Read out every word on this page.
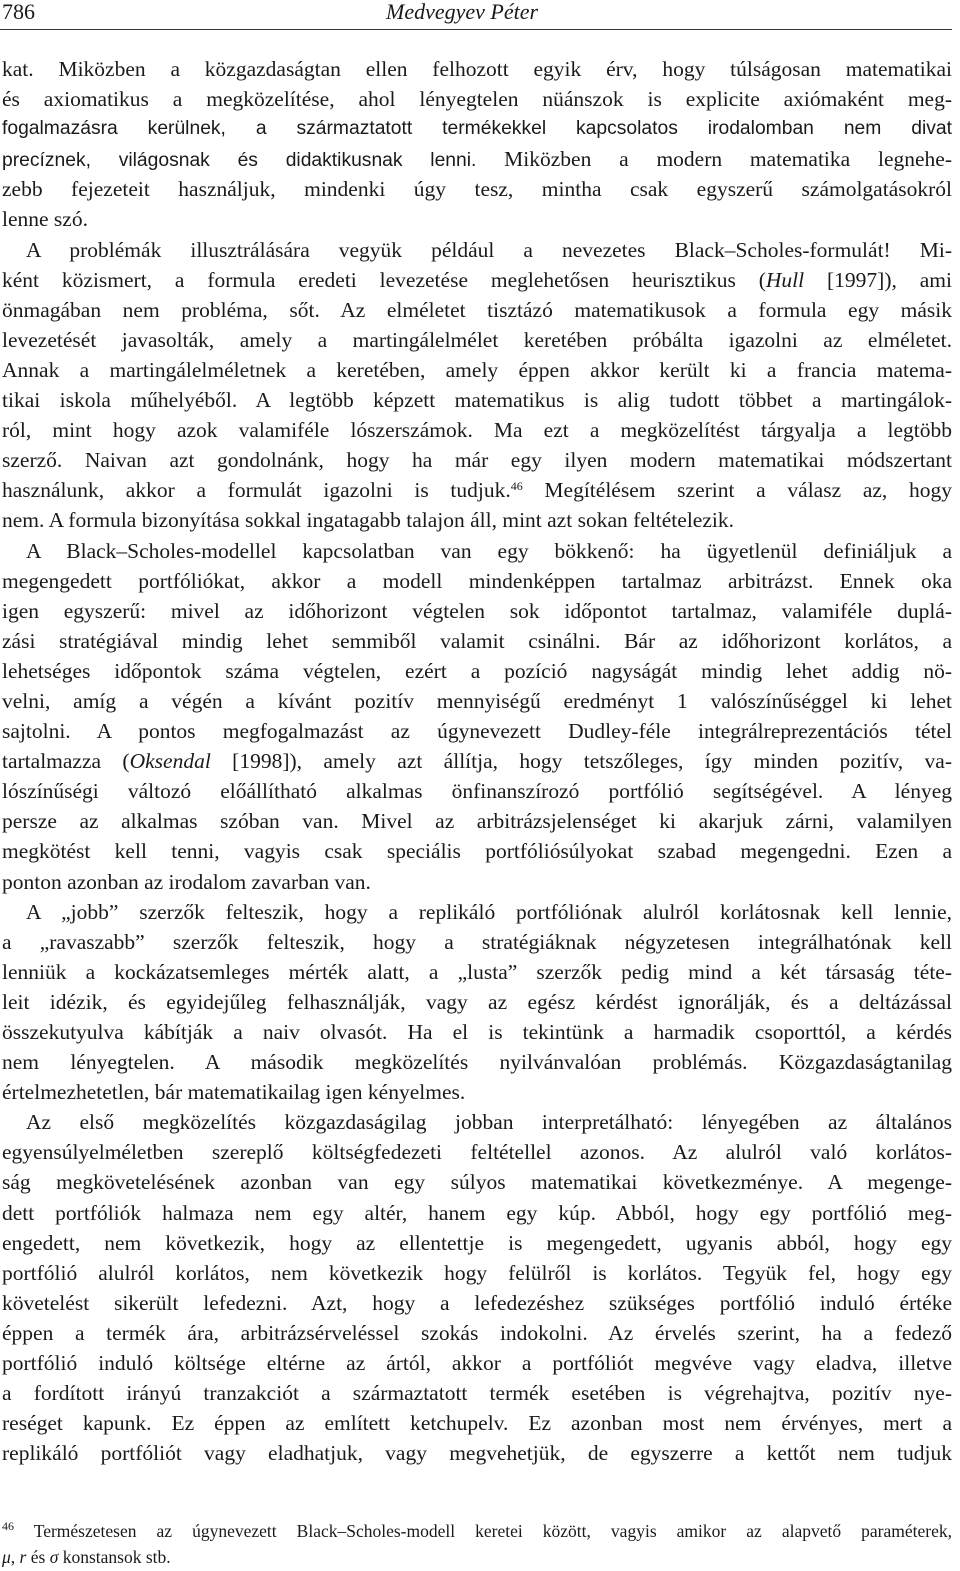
786	Medvegyev Péter
kat. Miközben a közgazdaságtan ellen felhozott egyik érv, hogy túlságosan matematikai
és axiomatikus a megközelítése, ahol lényegtelen nüánszok is explicite axiómaként meg-
fogalmazásra kerülnek, a származtatott termékekkel kapcsolatos irodalomban nem divat
precíznek, világosnak és didaktikusnak lenni. Miközben a modern matematika legnehe-
zebb fejezeteit használjuk, mindenki úgy tesz, mintha csak egyszerű számolgatásokról
lenne szó.
A problémák illusztrálására vegyük például a nevezetes Black–Scholes-formulát! Mi-
ként közismert, a formula eredeti levezetése meglehetősen heurisztikus (Hull [1997]), ami
önmagában nem probléma, sőt. Az elméletet tisztázó matematikusok a formula egy másik
levezetését javasolták, amely a martingálelmélet keretében próbálta igazolni az elméletet.
Annak a martingálelméletnek a keretében, amely éppen akkor került ki a francia matema-
tikai iskola műhelyéből. A legtöbb képzett matematikus is alig tudott többet a martingálok-
ról, mint hogy azok valamiféle lószerszámok. Ma ezt a megközelítést tárgyalja a legtöbb
szerző. Naivan azt gondolnánk, hogy ha már egy ilyen modern matematikai módszertant
használunk, akkor a formulát igazolni is tudjuk.$^{46}$ Megítélésem szerint a válasz az, hogy
nem. A formula bizonyítása sokkal ingatagabb talajon áll, mint azt sokan feltételezik.
A Black–Scholes-modellel kapcsolatban van egy bökkenő: ha ügyetlenül definiáljuk a
megengedett portfóliókat, akkor a modell mindenképpen tartalmaz arbitrázst. Ennek oka
igen egyszerű: mivel az időhorizont végtelen sok időpontot tartalmaz, valamiféle duplá-
zási stratégiával mindig lehet semmiből valamit csinálni. Bár az időhorizont korlátos, a
lehetséges időpontok száma végtelen, ezért a pozíció nagyságát mindig lehet addig nö-
velni, amíg a végén a kívánt pozitív mennyiségű eredményt 1 valószínűséggel ki lehet
sajtolni. A pontos megfogalmazást az úgynevezett Dudley-féle integrálreprezentációs tétel
tartalmazza (Oksendal [1998]), amely azt állítja, hogy tetszőleges, így minden pozitív, va-
lószínűségi változó előállítható alkalmas önfinanszírozó portfólió segítségével. A lényeg
persze az alkalmas szóban van. Mivel az arbitrázsjelenséget ki akarjuk zárni, valamilyen
megkötést kell tenni, vagyis csak speciális portfóliósúlyokat szabad megengedni. Ezen a
ponton azonban az irodalom zavarban van.
A „jobb” szerzők felteszik, hogy a replikáló portfóliónak alulról korlátosnak kell lennie,
a „ravaszabb” szerzők felteszik, hogy a stratégiáknak négyzetesen integrálhatónak kell
lenniük a kockázatsemleges mérték alatt, a „lusta” szerzők pedig mind a két társaság téte-
leit idézik, és egyidejűleg felhasználják, vagy az egész kérdést ignorálják, és a deltázással
összekutyulva kábítják a naiv olvasót. Ha el is tekintünk a harmadik csoporttól, a kérdés
nem lényegtelen. A második megközelítés nyilvánvalóan problémás. Közgazdaságtanilag
értelmezhetetlen, bár matematikailag igen kényelmes.
Az első megközelítés közgazdaságilag jobban interpretálható: lényegében az általános
egyensúlyelméletben szereplő költségfedezeti feltétellel azonos. Az alulról való korlátos-
ság megkövetelésének azonban van egy súlyos matematikai következménye. A megenge-
dett portfóliók halmaza nem egy altér, hanem egy kúp. Abból, hogy egy portfólió meg-
engedett, nem következik, hogy az ellentettje is megengedett, ugyanis abból, hogy egy
portfólió alulról korlátos, nem következik hogy felülről is korlátos. Tegyük fel, hogy egy
követelést sikerült lefedezni. Azt, hogy a lefedezéshez szükséges portfólió induló értéke
éppen a termék ára, arbitrázsérveléssel szokás indokolni. Az érvelés szerint, ha a fedező
portfólió induló költsége eltérne az ártól, akkor a portfóliót megvéve vagy eladva, illetve
a fordított irányú tranzakciót a származtatott termék esetében is végrehajtva, pozitív nye-
reséget kapunk. Ez éppen az említett ketchupelv. Ez azonban most nem érvényes, mert a
replikáló portfóliót vagy eladhatjuk, vagy megvehetjük, de egyszerre a kettőt nem tudjuk
$^{46}$ Természetesen az úgynevezett Black–Scholes-modell keretei között, vagyis amikor az alapvető paraméterek,
μ, r és σ konstansok stb.
